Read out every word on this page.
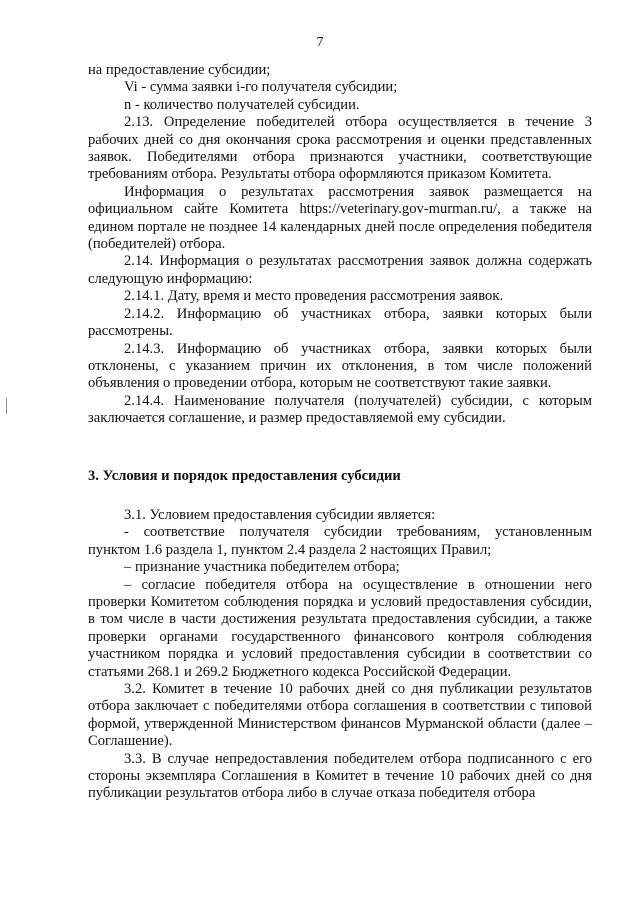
7

на предоставление субсидии;

Vi - сумма заявки i-го получателя субсидии;

n - количество получателей субсидии.

2.13. Определение победителей отбора осуществляется в течение 3 рабочих дней со дня окончания срока рассмотрения и оценки представленных заявок. Победителями отбора признаются участники, соответствующие требованиям отбора. Результаты отбора оформляются приказом Комитета.

Информация о результатах рассмотрения заявок размещается на официальном сайте Комитета https://veterinary.gov-murman.ru/, а также на едином портале не позднее 14 календарных дней после определения победителя (победителей) отбора.

2.14. Информация о результатах рассмотрения заявок должна содержать следующую информацию:

2.14.1. Дату, время и место проведения рассмотрения заявок.

2.14.2. Информацию об участниках отбора, заявки которых были рассмотрены.

2.14.3. Информацию об участниках отбора, заявки которых были отклонены, с указанием причин их отклонения, в том числе положений объявления о проведении отбора, которым не соответствуют такие заявки.

2.14.4. Наименование получателя (получателей) субсидии, с которым заключается соглашение, и размер предоставляемой ему субсидии.

3. Условия и порядок предоставления субсидии

3.1. Условием предоставления субсидии является:

- соответствие получателя субсидии требованиям, установленным пунктом 1.6 раздела 1, пунктом 2.4 раздела 2 настоящих Правил;

– признание участника победителем отбора;

– согласие победителя отбора на осуществление в отношении него проверки Комитетом соблюдения порядка и условий предоставления субсидии, в том числе в части достижения результата предоставления субсидии, а также проверки органами государственного финансового контроля соблюдения участником порядка и условий предоставления субсидии в соответствии со статьями 268.1 и 269.2 Бюджетного кодекса Российской Федерации.

3.2. Комитет в течение 10 рабочих дней со дня публикации результатов отбора заключает с победителями отбора соглашения в соответствии с типовой формой, утвержденной Министерством финансов Мурманской области (далее – Соглашение).

3.3. В случае непредоставления победителем отбора подписанного с его стороны экземпляра Соглашения в Комитет в течение 10 рабочих дней со дня публикации результатов отбора либо в случае отказа победителя отбора
